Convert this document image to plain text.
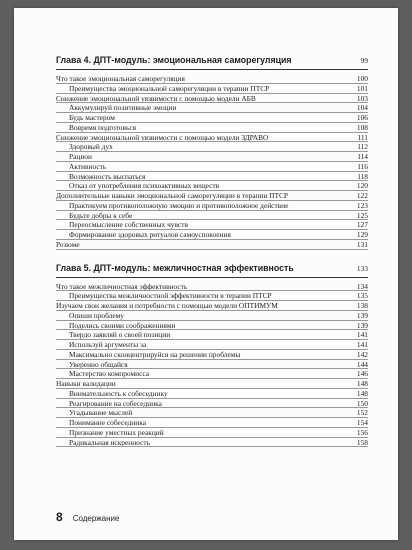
Глава 4. ДПТ-модуль: эмоциональная саморегуляция	99
Что такое эмоциональная саморегуляция	100
Преимущества эмоциональной саморегуляции в терапии ПТСР	101
Снижение эмоциональной уязвимости с помощью модели АБВ	103
Аккумулируй позитивные эмоции	104
Будь мастером	106
Вовремя подготовься	108
Снижение эмоциональной уязвимости с помощью модели ЗДРАВО	111
Здоровый дух	112
Рацион	114
Активность	116
Возможность выспаться	118
Отказ от употребления психоактивных веществ	120
Дополнительные навыки эмоциональной саморегуляции в терапии ПТСР	122
Практикуем противоположную эмоцию и противоположное действие	123
Будьте добры к себе	125
Переосмысление собственных чувств	127
Формирование здоровых ритуалов самоуспокоения	129
Резюме	131
Глава 5. ДПТ-модуль: межличностная эффективность	133
Что такое межличностная эффективность	134
Преимущества межличностной эффективности в терапии ПТСР	135
Изучаем свои желания и потребности с помощью модели ОПТИМУМ	138
Опиши проблему	139
Поделись своими соображениями	139
Твердо заявляй о своей позиции	141
Используй аргументы за	141
Максимально сконцентрируйся на решении проблемы	142
Уверенно общайся	144
Мастерство компромисса	146
Навыки валидации	148
Внимательность к собеседнику	148
Реагирование на собеседника	150
Угадывание мыслей	152
Понимание собеседника	154
Признание уместных реакций	156
Радикальная искренность	158
8 Содержание
